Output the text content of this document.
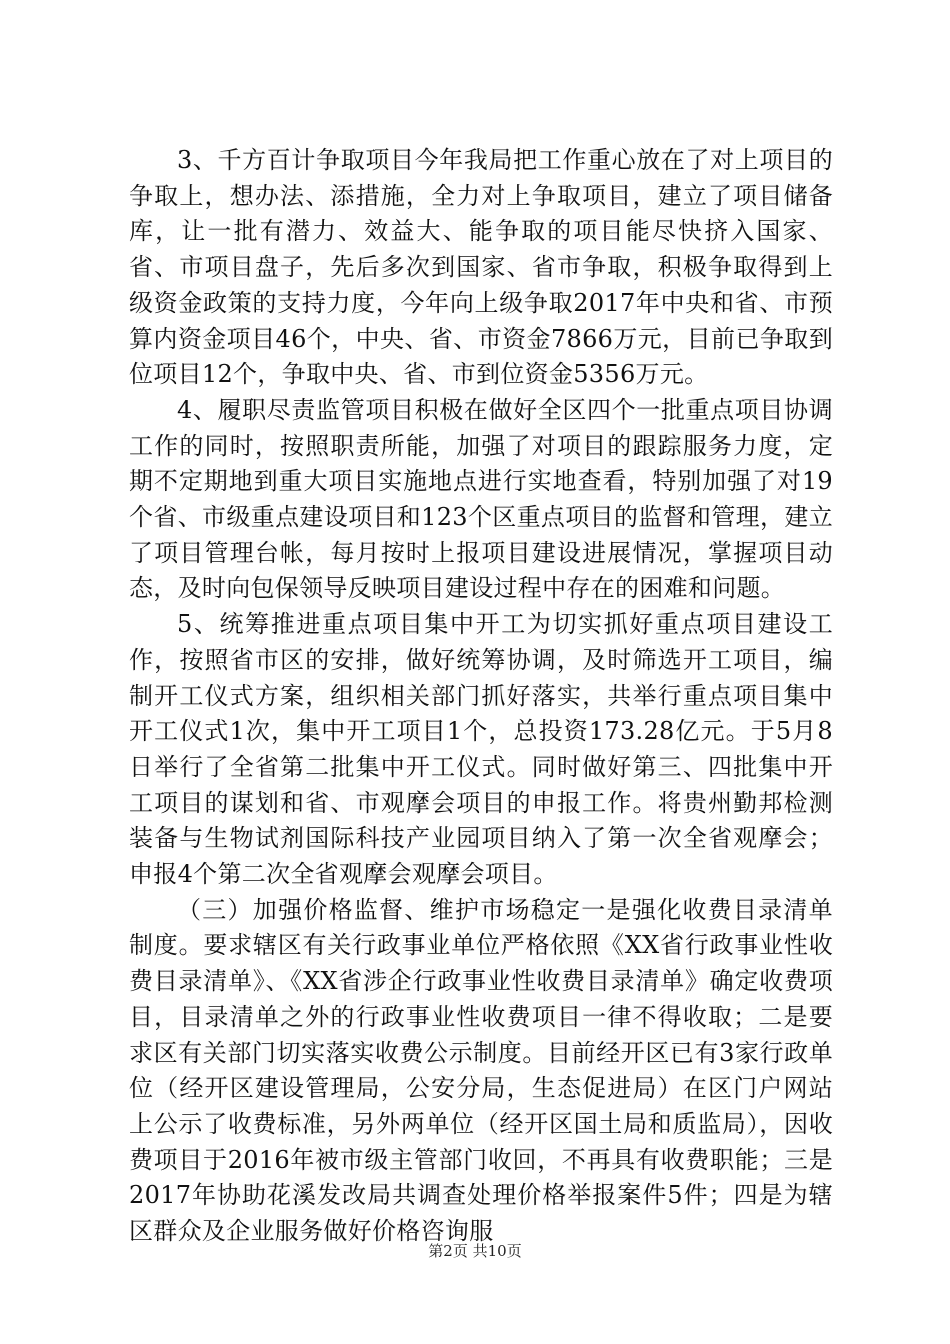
3、千方百计争取项目今年我局把工作重心放在了对上项目的争取上，想办法、添措施，全力对上争取项目，建立了项目储备库，让一批有潜力、效益大、能争取的项目能尽快挤入国家、省、市项目盘子，先后多次到国家、省市争取，积极争取得到上级资金政策的支持力度，今年向上级争取2017年中央和省、市预算内资金项目46个，中央、省、市资金7866万元，目前已争取到位项目12个，争取中央、省、市到位资金5356万元。

4、履职尽责监管项目积极在做好全区四个一批重点项目协调工作的同时，按照职责所能，加强了对项目的跟踪服务力度，定期不定期地到重大项目实施地点进行实地查看，特别加强了对19个省、市级重点建设项目和123个区重点项目的监督和管理，建立了项目管理台帐，每月按时上报项目建设进展情况，掌握项目动态，及时向包保领导反映项目建设过程中存在的困难和问题。

5、统筹推进重点项目集中开工为切实抓好重点项目建设工作，按照省市区的安排，做好统筹协调，及时筛选开工项目，编制开工仪式方案，组织相关部门抓好落实，共举行重点项目集中开工仪式1次，集中开工项目1个，总投资173.28亿元。于5月8日举行了全省第二批集中开工仪式。同时做好第三、四批集中开工项目的谋划和省、市观摩会项目的申报工作。将贵州勤邦检测装备与生物试剂国际科技产业园项目纳入了第一次全省观摩会；申报4个第二次全省观摩会观摩会项目。

（三）加强价格监督、维护市场稳定一是强化收费目录清单制度。要求辖区有关行政事业单位严格依照《XX省行政事业性收费目录清单》、《XX省涉企行政事业性收费目录清单》确定收费项目，目录清单之外的行政事业性收费项目一律不得收取；二是要求区有关部门切实落实收费公示制度。目前经开区已有3家行政单位（经开区建设管理局，公安分局，生态促进局）在区门户网站上公示了收费标准，另外两单位（经开区国土局和质监局），因收费项目于2016年被市级主管部门收回，不再具有收费职能；三是2017年协助花溪发改局共调查处理价格举报案件5件；四是为辖区群众及企业服务做好价格咨询服

第2页 共10页
